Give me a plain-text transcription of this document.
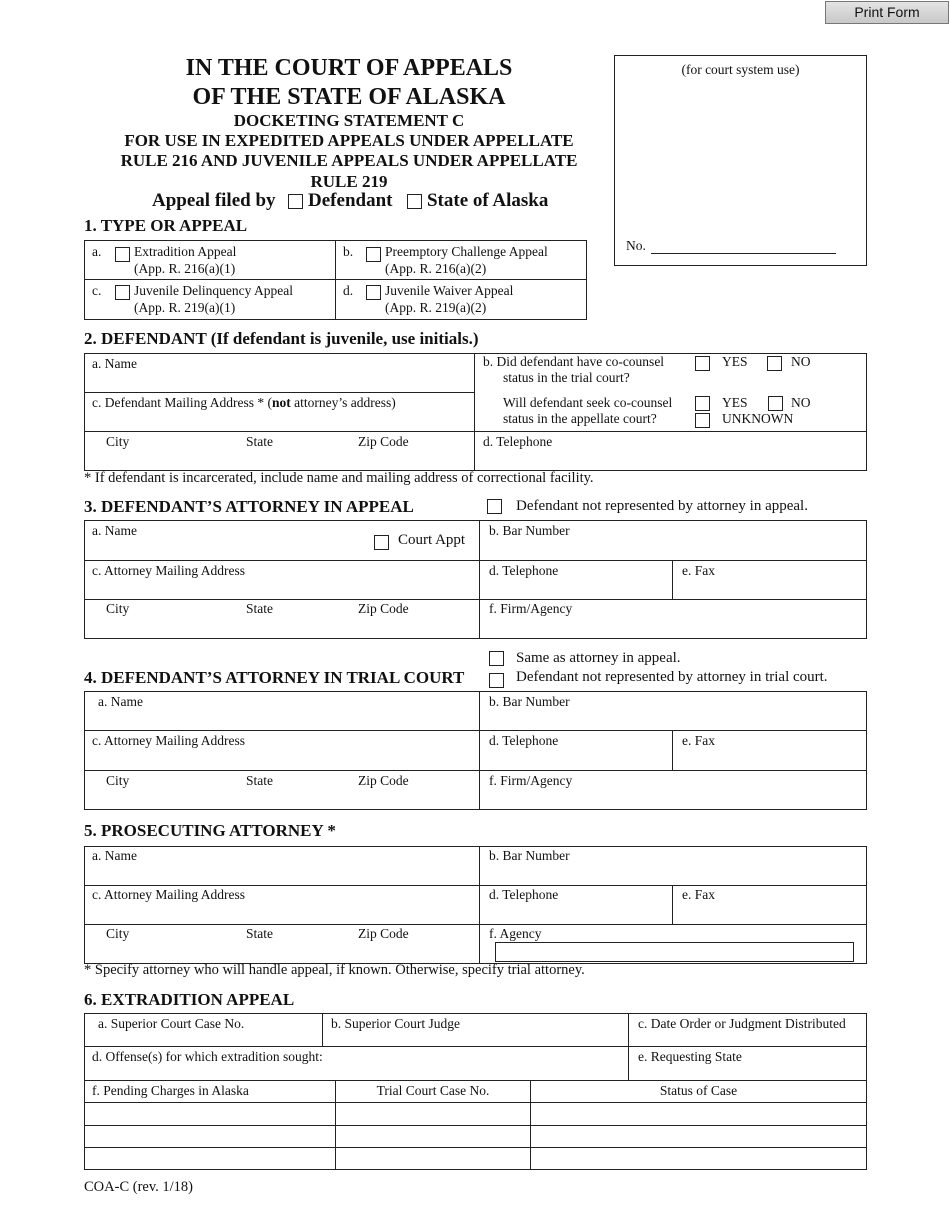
Print Form
IN THE COURT OF APPEALS
OF THE STATE OF ALASKA
DOCKETING STATEMENT C
FOR USE IN EXPEDITED APPEALS UNDER APPELLATE
RULE 216 AND JUVENILE APPEALS UNDER APPELLATE
RULE 219
Appeal filed by Defendant State of Alaska
(for court system use)
No.
1. TYPE OR APPEAL
a. Extradition Appeal
(App. R. 216(a)(1)
b. Preemptory Challenge Appeal
(App. R. 216(a)(2)
c. Juvenile Delinquency Appeal
(App. R. 219(a)(1)
d. Juvenile Waiver Appeal
(App. R. 219(a)(2)
2. DEFENDANT (If defendant is juvenile, use initials.)
a. Name
c. Defendant Mailing Address * (not attorney’s address)
City	State	Zip Code
b. Did defendant have co-counsel
status in the trial court?
YES	NO
Will defendant seek co-counsel
status in the appellate court?
YES	NO
UNKNOWN
d. Telephone
* If defendant is incarcerated, include name and mailing address of correctional facility.
3. DEFENDANT’S ATTORNEY IN APPEAL	Defendant not represented by attorney in appeal.
a. Name
Court Appt
b. Bar Number
c. Attorney Mailing Address	d. Telephone	e. Fax
City	State	Zip Code	f. Firm/Agency
Same as attorney in appeal.
4. DEFENDANT’S ATTORNEY IN TRIAL COURT	Defendant not represented by attorney in trial court.
a. Name	b. Bar Number
c. Attorney Mailing Address	d. Telephone	e. Fax
City	State	Zip Code	f. Firm/Agency
5. PROSECUTING ATTORNEY *
a. Name	b. Bar Number
c. Attorney Mailing Address	d. Telephone	e. Fax
City	State	Zip Code	f. Agency
* Specify attorney who will handle appeal, if known. Otherwise, specify trial attorney.
6. EXTRADITION APPEAL
a. Superior Court Case No.	b. Superior Court Judge	c. Date Order or Judgment Distributed
d. Offense(s) for which extradition sought:	e. Requesting State
f. Pending Charges in Alaska	Trial Court Case No.	Status of Case
COA-C (rev. 1/18)
